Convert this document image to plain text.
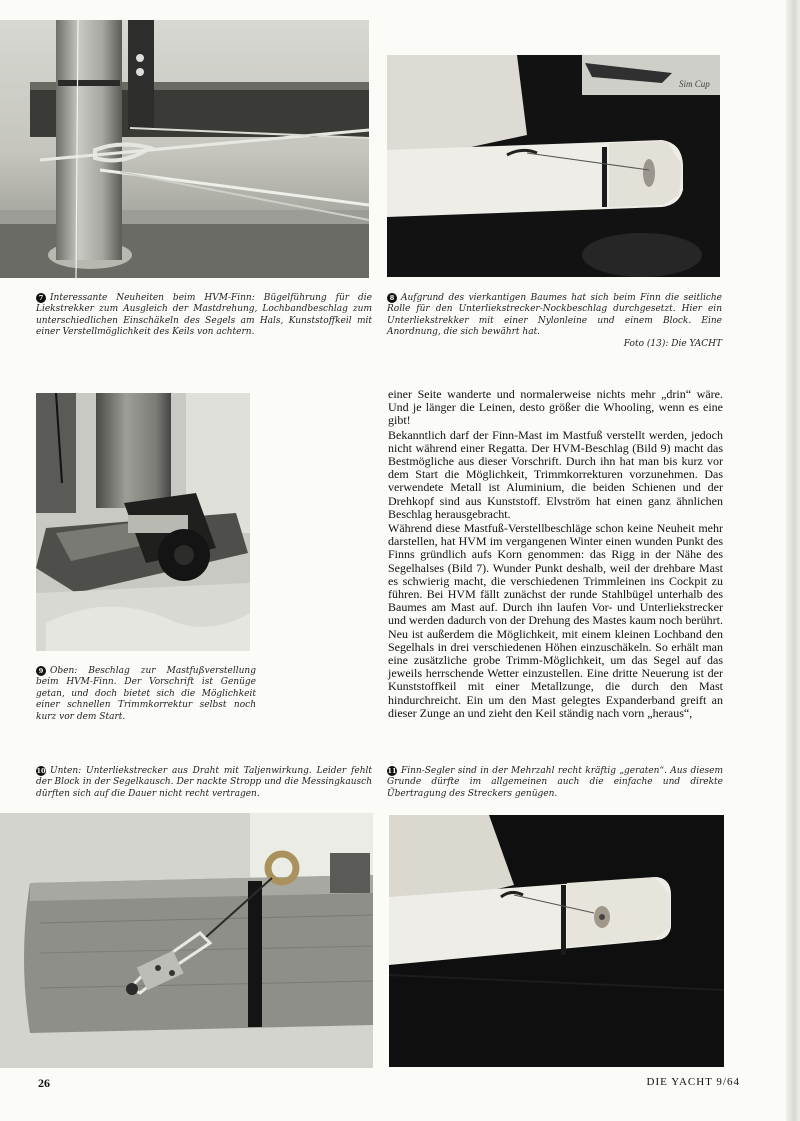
Sim Cup
7 Interessante Neuheiten beim HVM-Finn: Bügelführung für die Liekstrekker zum Ausgleich der Mastdrehung, Lochbandbeschlag zum unterschiedlichen Einschäkeln des Segels am Hals, Kunststoffkeil mit einer Verstellmöglichkeit des Keils von achtern.
8 Aufgrund des vierkantigen Baumes hat sich beim Finn die seitliche Rolle für den Unterliekstrecker-Nockbeschlag durchgesetzt. Hier ein Unterliekstrekker mit einer Nylonleine und einem Block. Eine Anordnung, die sich bewährt hat.
Foto (13): Die YACHT
9 Oben: Beschlag zur Mastfußverstellung beim HVM-Finn. Der Vorschrift ist Genüge getan, und doch bietet sich die Möglichkeit einer schnellen Trimmkorrektur selbst noch kurz vor dem Start.

einer Seite wanderte und normalerweise nichts mehr „drin“ wäre. Und je länger die Leinen, desto größer die Whooling, wenn es eine gibt!

Bekanntlich darf der Finn-Mast im Mastfuß verstellt werden, jedoch nicht während einer Regatta. Der HVM-Beschlag (Bild 9) macht das Bestmögliche aus dieser Vorschrift. Durch ihn hat man bis kurz vor dem Start die Möglichkeit, Trimmkorrekturen vorzunehmen. Das verwendete Metall ist Aluminium, die beiden Schienen und der Drehkopf sind aus Kunststoff. Elvström hat einen ganz ähnlichen Beschlag herausgebracht.

Während diese Mastfuß-Verstellbeschläge schon keine Neuheit mehr darstellen, hat HVM im vergangenen Winter einen wunden Punkt des Finns gründlich aufs Korn genommen: das Rigg in der Nähe des Segelhalses (Bild 7). Wunder Punkt deshalb, weil der drehbare Mast es schwierig macht, die verschiedenen Trimmleinen ins Cockpit zu führen. Bei HVM fällt zunächst der runde Stahlbügel unterhalb des Baumes am Mast auf. Durch ihn laufen Vor- und Unterliekstrecker und werden dadurch von der Drehung des Mastes kaum noch berührt. Neu ist außerdem die Möglichkeit, mit einem kleinen Lochband den Segelhals in drei verschiedenen Höhen einzuschäkeln. So erhält man eine zusätzliche grobe Trimm-Möglichkeit, um das Segel auf das jeweils herrschende Wetter einzustellen. Eine dritte Neuerung ist der Kunststoffkeil mit einer Metallzunge, die durch den Mast hindurchreicht. Ein um den Mast gelegtes Expanderband greift an dieser Zunge an und zieht den Keil ständig nach vorn „heraus“,

10 Unten: Unterliekstrecker aus Draht mit Taljenwirkung. Leider fehlt der Block in der Segelkausch. Der nackte Stropp und die Messingkausch dürften sich auf die Dauer nicht recht vertragen.
11 Finn-Segler sind in der Mehrzahl recht kräftig „geraten“. Aus diesem Grunde dürfte im allgemeinen auch die einfache und direkte Übertragung des Streckers genügen.
26	DIE YACHT 9/64
